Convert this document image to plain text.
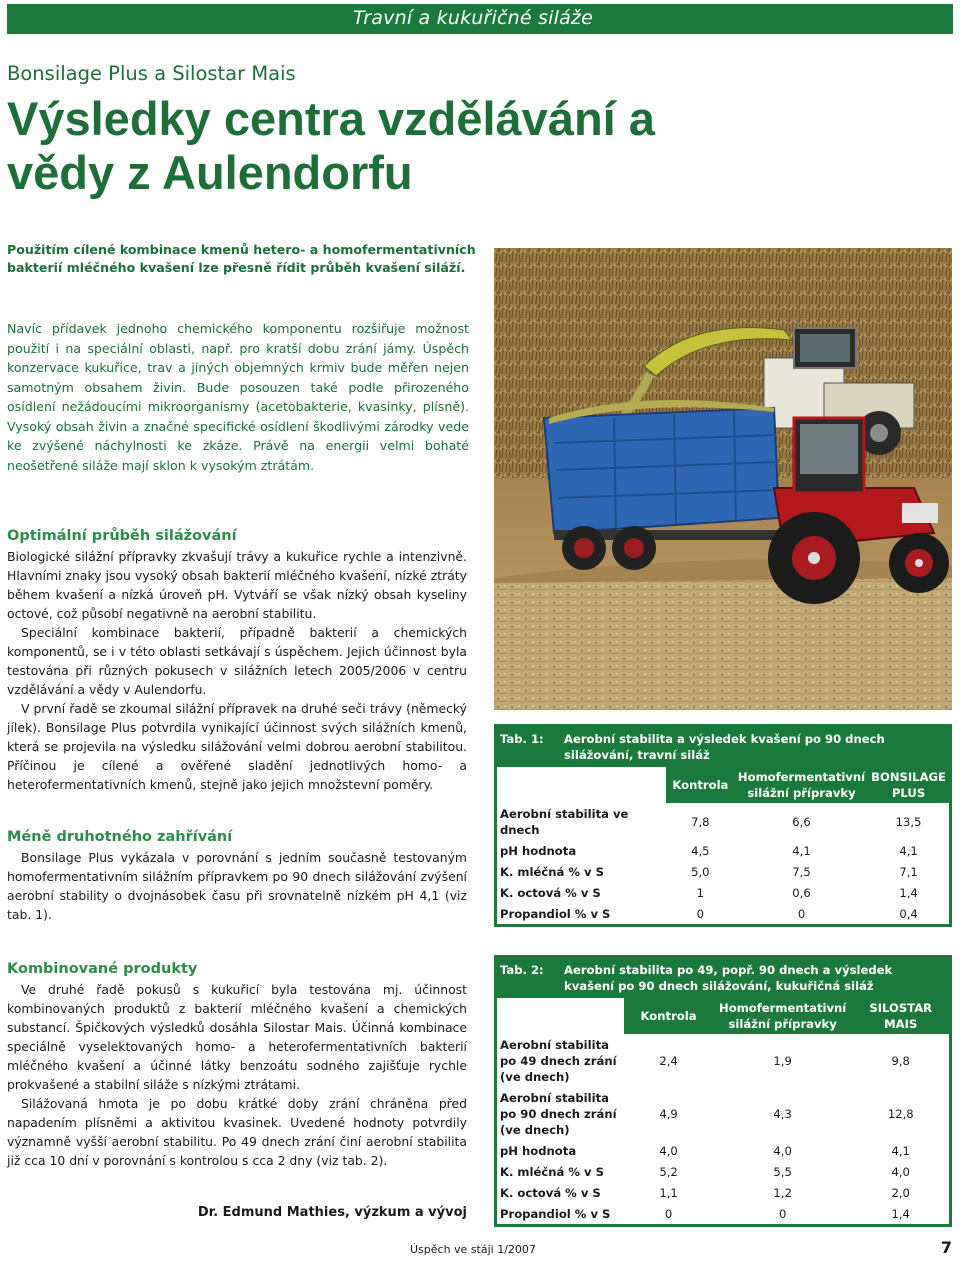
Travní a kukuřičné siláže
Bonsilage Plus a Silostar Mais
Výsledky centra vzdělávání a vědy z Aulendorfu
Použitím cílené kombinace kmenů hetero- a homofermentativních bakterií mléčného kvašení lze přesně řídit průběh kvašení siláží.
Navíc přídavek jednoho chemického komponentu rozšiřuje možnost použití i na speciální oblasti, např. pro kratší dobu zrání jámy. Úspěch konzervace kukuřice, trav a jiných objemných krmiv bude měřen nejen samotným obsahem živin. Bude posouzen také podle přirozeného osídlení nežádoucími mikroorganismy (acetobakterie, kvasinky, plísně). Vysoký obsah živin a značné specifické osídlení škodlivými zárodky vede ke zvýšené náchylnosti ke zkáze. Právě na energii velmi bohaté neošetřené siláže mají sklon k vysokým ztrátám.
Optimální průběh silážování

Biologické silážní přípravky zkvašují trávy a kukuřice rychle a intenzivně. Hlavními znaky jsou vysoký obsah bakterií mléčného kvašení, nízké ztráty během kvašení a nízká úroveň pH. Vytváří se však nízký obsah kyseliny octové, což působí negativně na aerobní stabilitu.

Speciální kombinace bakterií, případně bakterií a chemických komponentů, se i v této oblasti setkávají s úspěchem. Jejich účinnost byla testována při různých pokusech v silážních letech 2005/2006 v centru vzdělávání a vědy v Aulendorfu.

V první řadě se zkoumal silážní přípravek na druhé seči trávy (německý jílek). Bonsilage Plus potvrdila vynikající účinnost svých silážních kmenů, která se projevila na výsledku silážování velmi dobrou aerobní stabilitou. Příčinou je cílené a ověřené sladění jednotlivých homo- a heterofermentativních kmenů, stejně jako jejich množstevní poměry.

Méně druhotného zahřívání

Bonsilage Plus vykázala v porovnání s jedním současně testovaným homofermentativním silážním přípravkem po 90 dnech silážování zvýšení aerobní stability o dvojnásobek času při srovnatelně nízkém pH 4,1 (viz tab. 1).

Kombinované produkty

Ve druhé řadě pokusů s kukuřicí byla testována mj. účinnost kombinovaných produktů z bakterií mléčného kvašení a chemických substancí. Špičkových výsledků dosáhla Silostar Mais. Účinná kombinace speciálně vyselektovaných homo- a heterofermentativních bakterií mléčného kvašení a účinné látky benzoátu sodného zajišťuje rychle prokvašené a stabilní siláže s nízkými ztrátami.

Silážovaná hmota je po dobu krátké doby zrání chráněna před napadením plísněmi a aktivitou kvasinek. Uvedené hodnoty potvrdily významně vyšší aerobní stabilitu. Po 49 dnech zrání činí aerobní stabilita již cca 10 dní v porovnání s kontrolou s cca 2 dny (viz tab. 2).

Tab. 1:	Aerobní stabilita a výsledek kvašení po 90 dnech silážování, travní siláž
	Kontrola	Homofermentativní silážní přípravky	BONSILAGE PLUS
Aerobní stabilita ve dnech	7,8	6,6	13,5
pH hodnota	4,5	4,1	4,1
K. mléčná % v S	5,0	7,5	7,1
K. octová % v S	1	0,6	1,4
Propandiol % v S	0	0	0,4
Tab. 2:	Aerobní stabilita po 49, popř. 90 dnech a výsledek kvašení po 90 dnech silážování, kukuřičná siláž
	Kontrola	Homofermentativní silážní přípravky	SILOSTAR MAIS
Aerobní stabilita po 49 dnech zrání (ve dnech)	2,4	1,9	9,8
Aerobní stabilita po 90 dnech zrání (ve dnech)	4,9	4,3	12,8
pH hodnota	4,0	4,0	4,1
K. mléčná % v S	5,2	5,5	4,0
K. octová % v S	1,1	1,2	2,0
Propandiol % v S	0	0	1,4
Dr. Edmund Mathies, výzkum a vývoj
Úspěch ve stáji 1/2007	7
